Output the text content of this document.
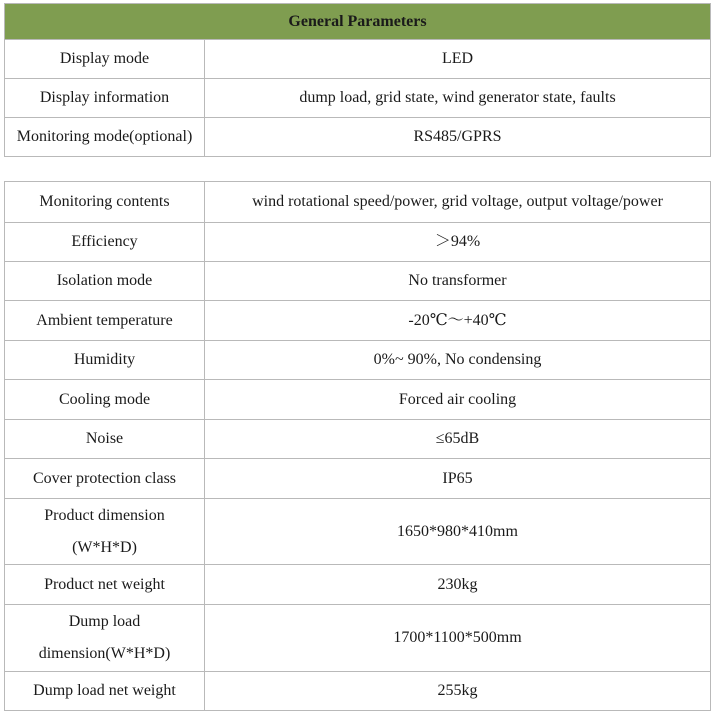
General Parameters	
Display mode	LED
Display information	dump load, grid state, wind generator state, faults
Monitoring mode(optional)	RS485/GPRS
Monitoring contents	wind rotational speed/power, grid voltage, output voltage/power
Efficiency	＞94%
Isolation mode	No transformer
Ambient temperature	-20℃～+40℃
Humidity	0%~ 90%, No condensing
Cooling mode	Forced air cooling
Noise	≤65dB
Cover protection class	IP65
Product dimension
(W*H*D)	1650*980*410mm
Product net weight	230kg
Dump load
dimension(W*H*D)	1700*1100*500mm
Dump load net weight	255kg
